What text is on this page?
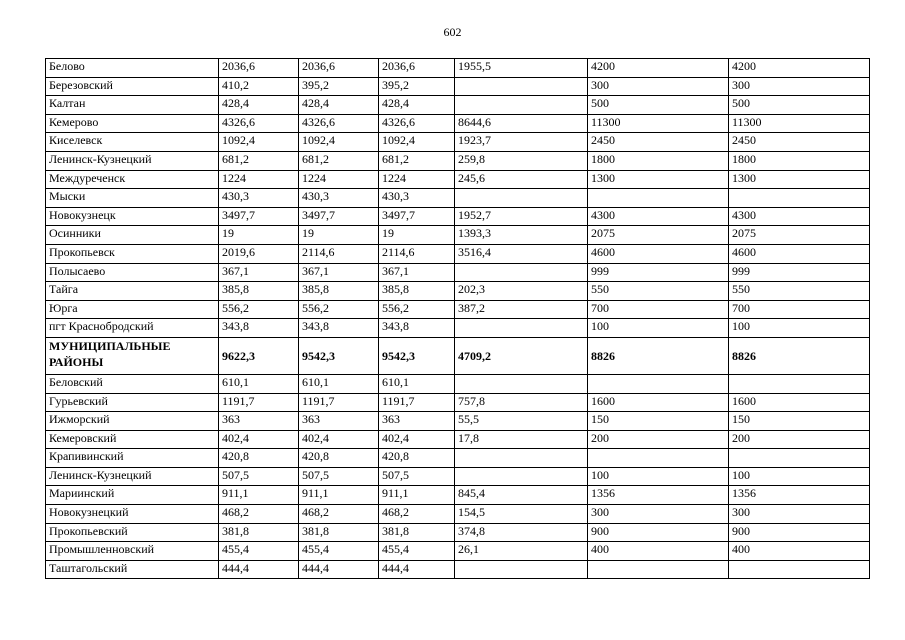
602
Белово	2036,6	2036,6	2036,6	1955,5	4200	4200
Березовский	410,2	395,2	395,2		300	300
Калтан	428,4	428,4	428,4		500	500
Кемерово	4326,6	4326,6	4326,6	8644,6	11300	11300
Киселевск	1092,4	1092,4	1092,4	1923,7	2450	2450
Ленинск-Кузнецкий	681,2	681,2	681,2	259,8	1800	1800
Междуреченск	1224	1224	1224	245,6	1300	1300
Мыски	430,3	430,3	430,3			
Новокузнецк	3497,7	3497,7	3497,7	1952,7	4300	4300
Осинники	19	19	19	1393,3	2075	2075
Прокопьевск	2019,6	2114,6	2114,6	3516,4	4600	4600
Полысаево	367,1	367,1	367,1		999	999
Тайга	385,8	385,8	385,8	202,3	550	550
Юрга	556,2	556,2	556,2	387,2	700	700
пгт Краснобродский	343,8	343,8	343,8		100	100
МУНИЦИПАЛЬНЫЕ РАЙОНЫ	9622,3	9542,3	9542,3	4709,2	8826	8826
Беловский	610,1	610,1	610,1			
Гурьевский	1191,7	1191,7	1191,7	757,8	1600	1600
Ижморский	363	363	363	55,5	150	150
Кемеровский	402,4	402,4	402,4	17,8	200	200
Крапивинский	420,8	420,8	420,8			
Ленинск-Кузнецкий	507,5	507,5	507,5		100	100
Мариинский	911,1	911,1	911,1	845,4	1356	1356
Новокузнецкий	468,2	468,2	468,2	154,5	300	300
Прокопьевский	381,8	381,8	381,8	374,8	900	900
Промышленновский	455,4	455,4	455,4	26,1	400	400
Таштагольский	444,4	444,4	444,4			
